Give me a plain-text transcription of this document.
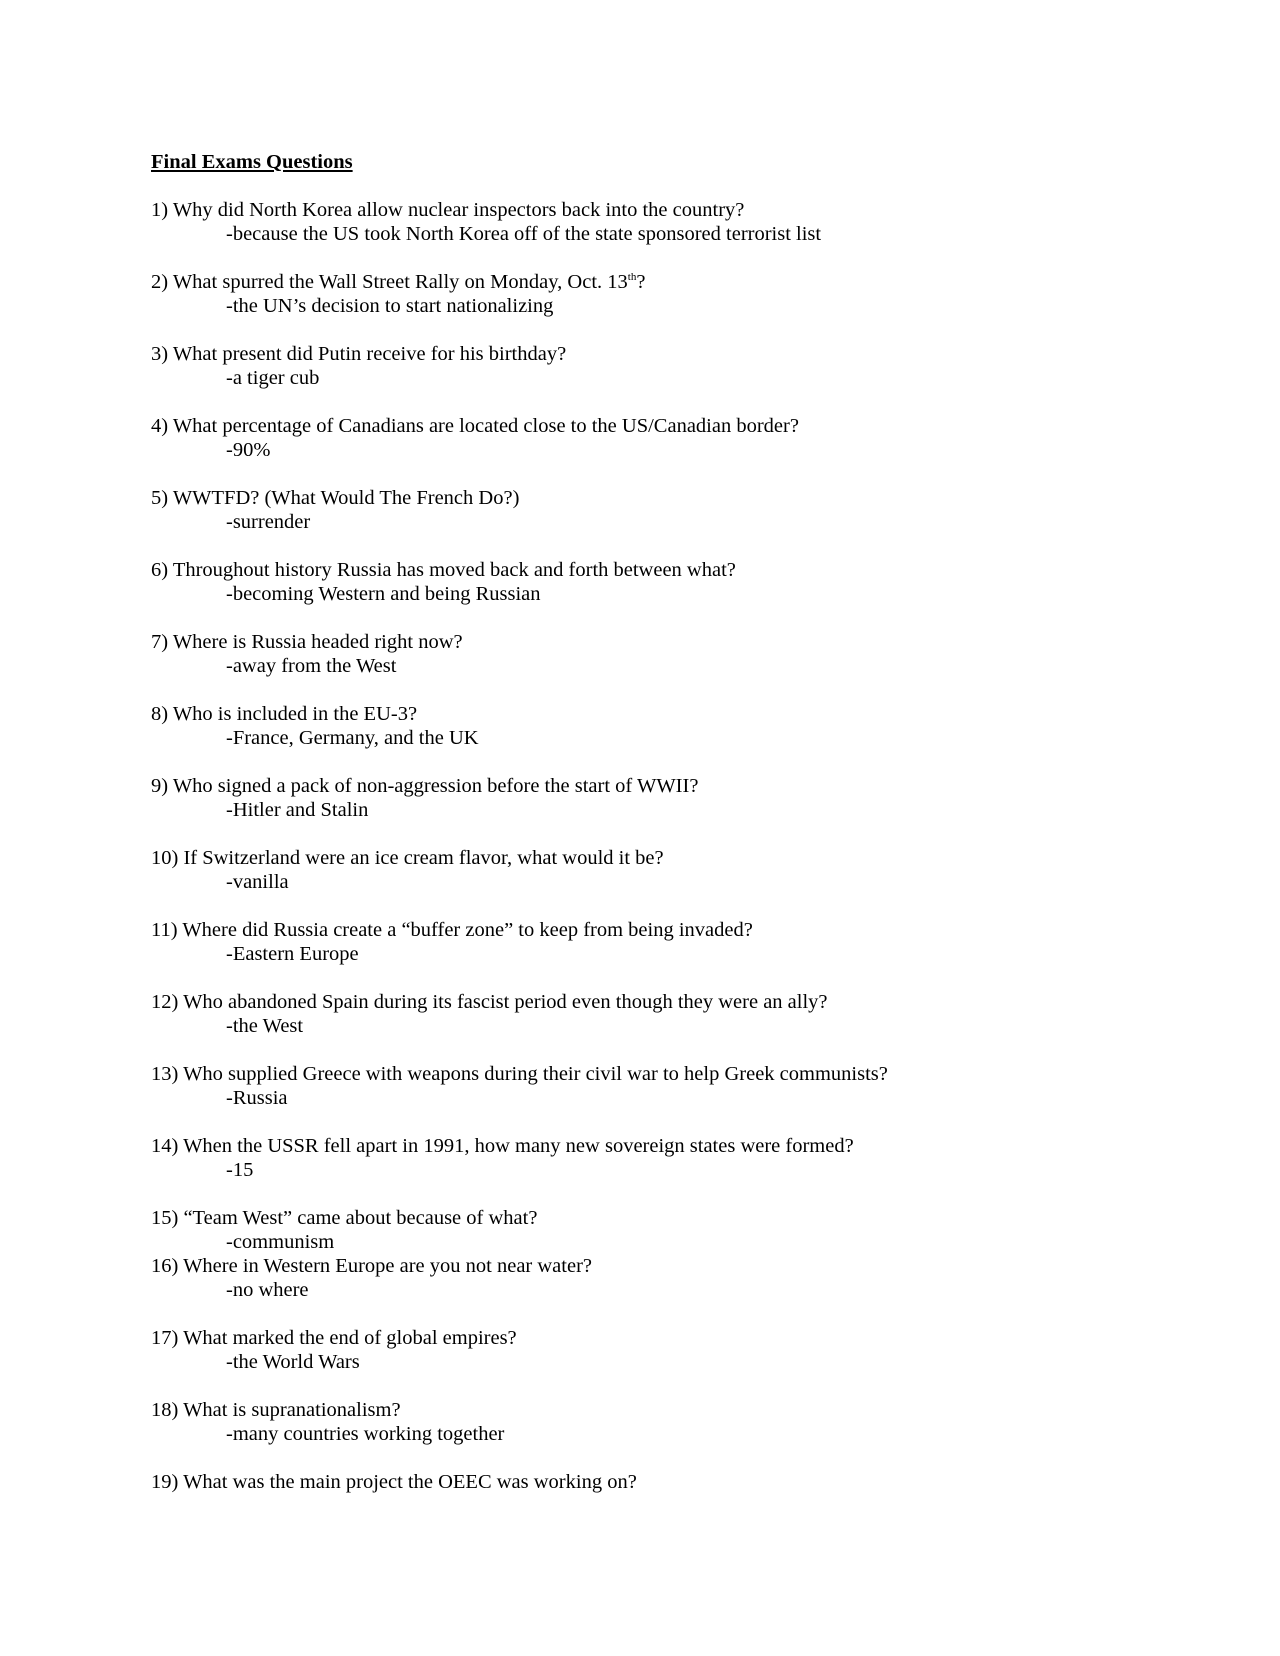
Final Exams Questions
1) Why did North Korea allow nuclear inspectors back into the country?
-because the US took North Korea off of the state sponsored terrorist list
2) What spurred the Wall Street Rally on Monday, Oct. 13th?
-the UN’s decision to start nationalizing
3) What present did Putin receive for his birthday?
-a tiger cub
4) What percentage of Canadians are located close to the US/Canadian border?
-90%
5) WWTFD? (What Would The French Do?)
-surrender
6) Throughout history Russia has moved back and forth between what?
-becoming Western and being Russian
7) Where is Russia headed right now?
-away from the West
8) Who is included in the EU-3?
-France, Germany, and the UK
9) Who signed a pack of non-aggression before the start of WWII?
-Hitler and Stalin
10) If Switzerland were an ice cream flavor, what would it be?
-vanilla
11) Where did Russia create a “buffer zone” to keep from being invaded?
-Eastern Europe
12) Who abandoned Spain during its fascist period even though they were an ally?
-the West
13) Who supplied Greece with weapons during their civil war to help Greek communists?
-Russia
14) When the USSR fell apart in 1991, how many new sovereign states were formed?
-15
15) “Team West” came about because of what?
-communism
16) Where in Western Europe are you not near water?
-no where
17) What marked the end of global empires?
-the World Wars
18) What is supranationalism?
-many countries working together
19) What was the main project the OEEC was working on?
